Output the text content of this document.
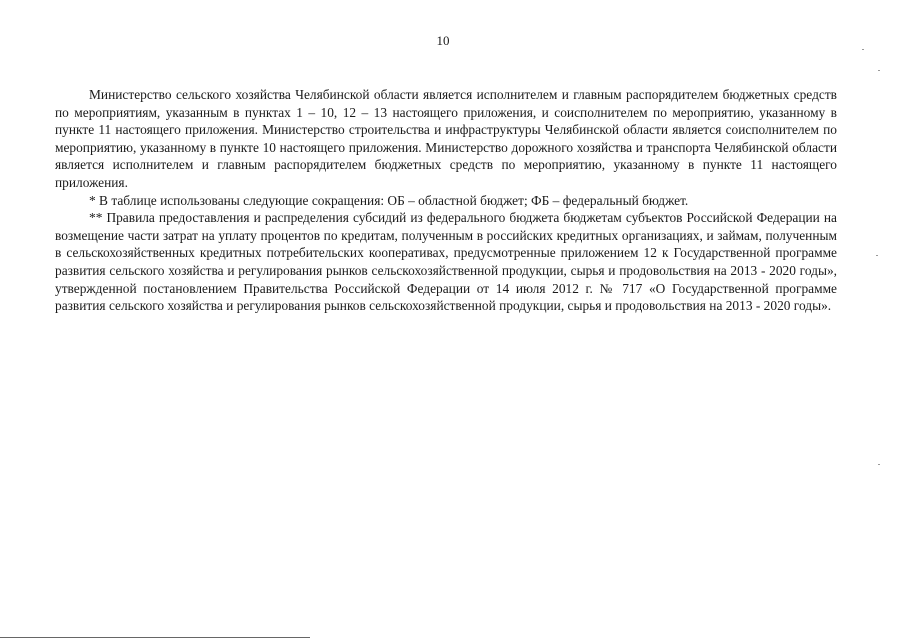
10

Министерство сельского хозяйства Челябинской области является исполнителем и главным распорядителем бюджетных средств по мероприятиям, указанным в пунктах 1 – 10, 12 – 13 настоящего приложения, и соисполнителем по мероприятию, указанному в пункте 11 настоящего приложения. Министерство строительства и инфраструктуры Челябинской области является соисполнителем по мероприятию, указанному в пункте 10 настоящего приложения. Министерство дорожного хозяйства и транспорта Челябинской области является исполнителем и главным распорядителем бюджетных средств по мероприятию, указанному в пункте 11 настоящего приложения.

* В таблице использованы следующие сокращения: ОБ – областной бюджет; ФБ – федеральный бюджет.

** Правила предоставления и распределения субсидий из федерального бюджета бюджетам субъектов Российской Федерации на возмещение части затрат на уплату процентов по кредитам, полученным в российских кредитных организациях, и займам, полученным в сельскохозяйственных кредитных потребительских кооперативах, предусмотренные приложением 12 к Государственной программе развития сельского хозяйства и регулирования рынков сельскохозяйственной продукции, сырья и продовольствия на 2013 - 2020 годы», утвержденной постановлением Правительства Российской Федерации от 14 июля 2012 г. № 717 «О Государственной программе развития сельского хозяйства и регулирования рынков сельскохозяйственной продукции, сырья и продовольствия на 2013 - 2020 годы».
